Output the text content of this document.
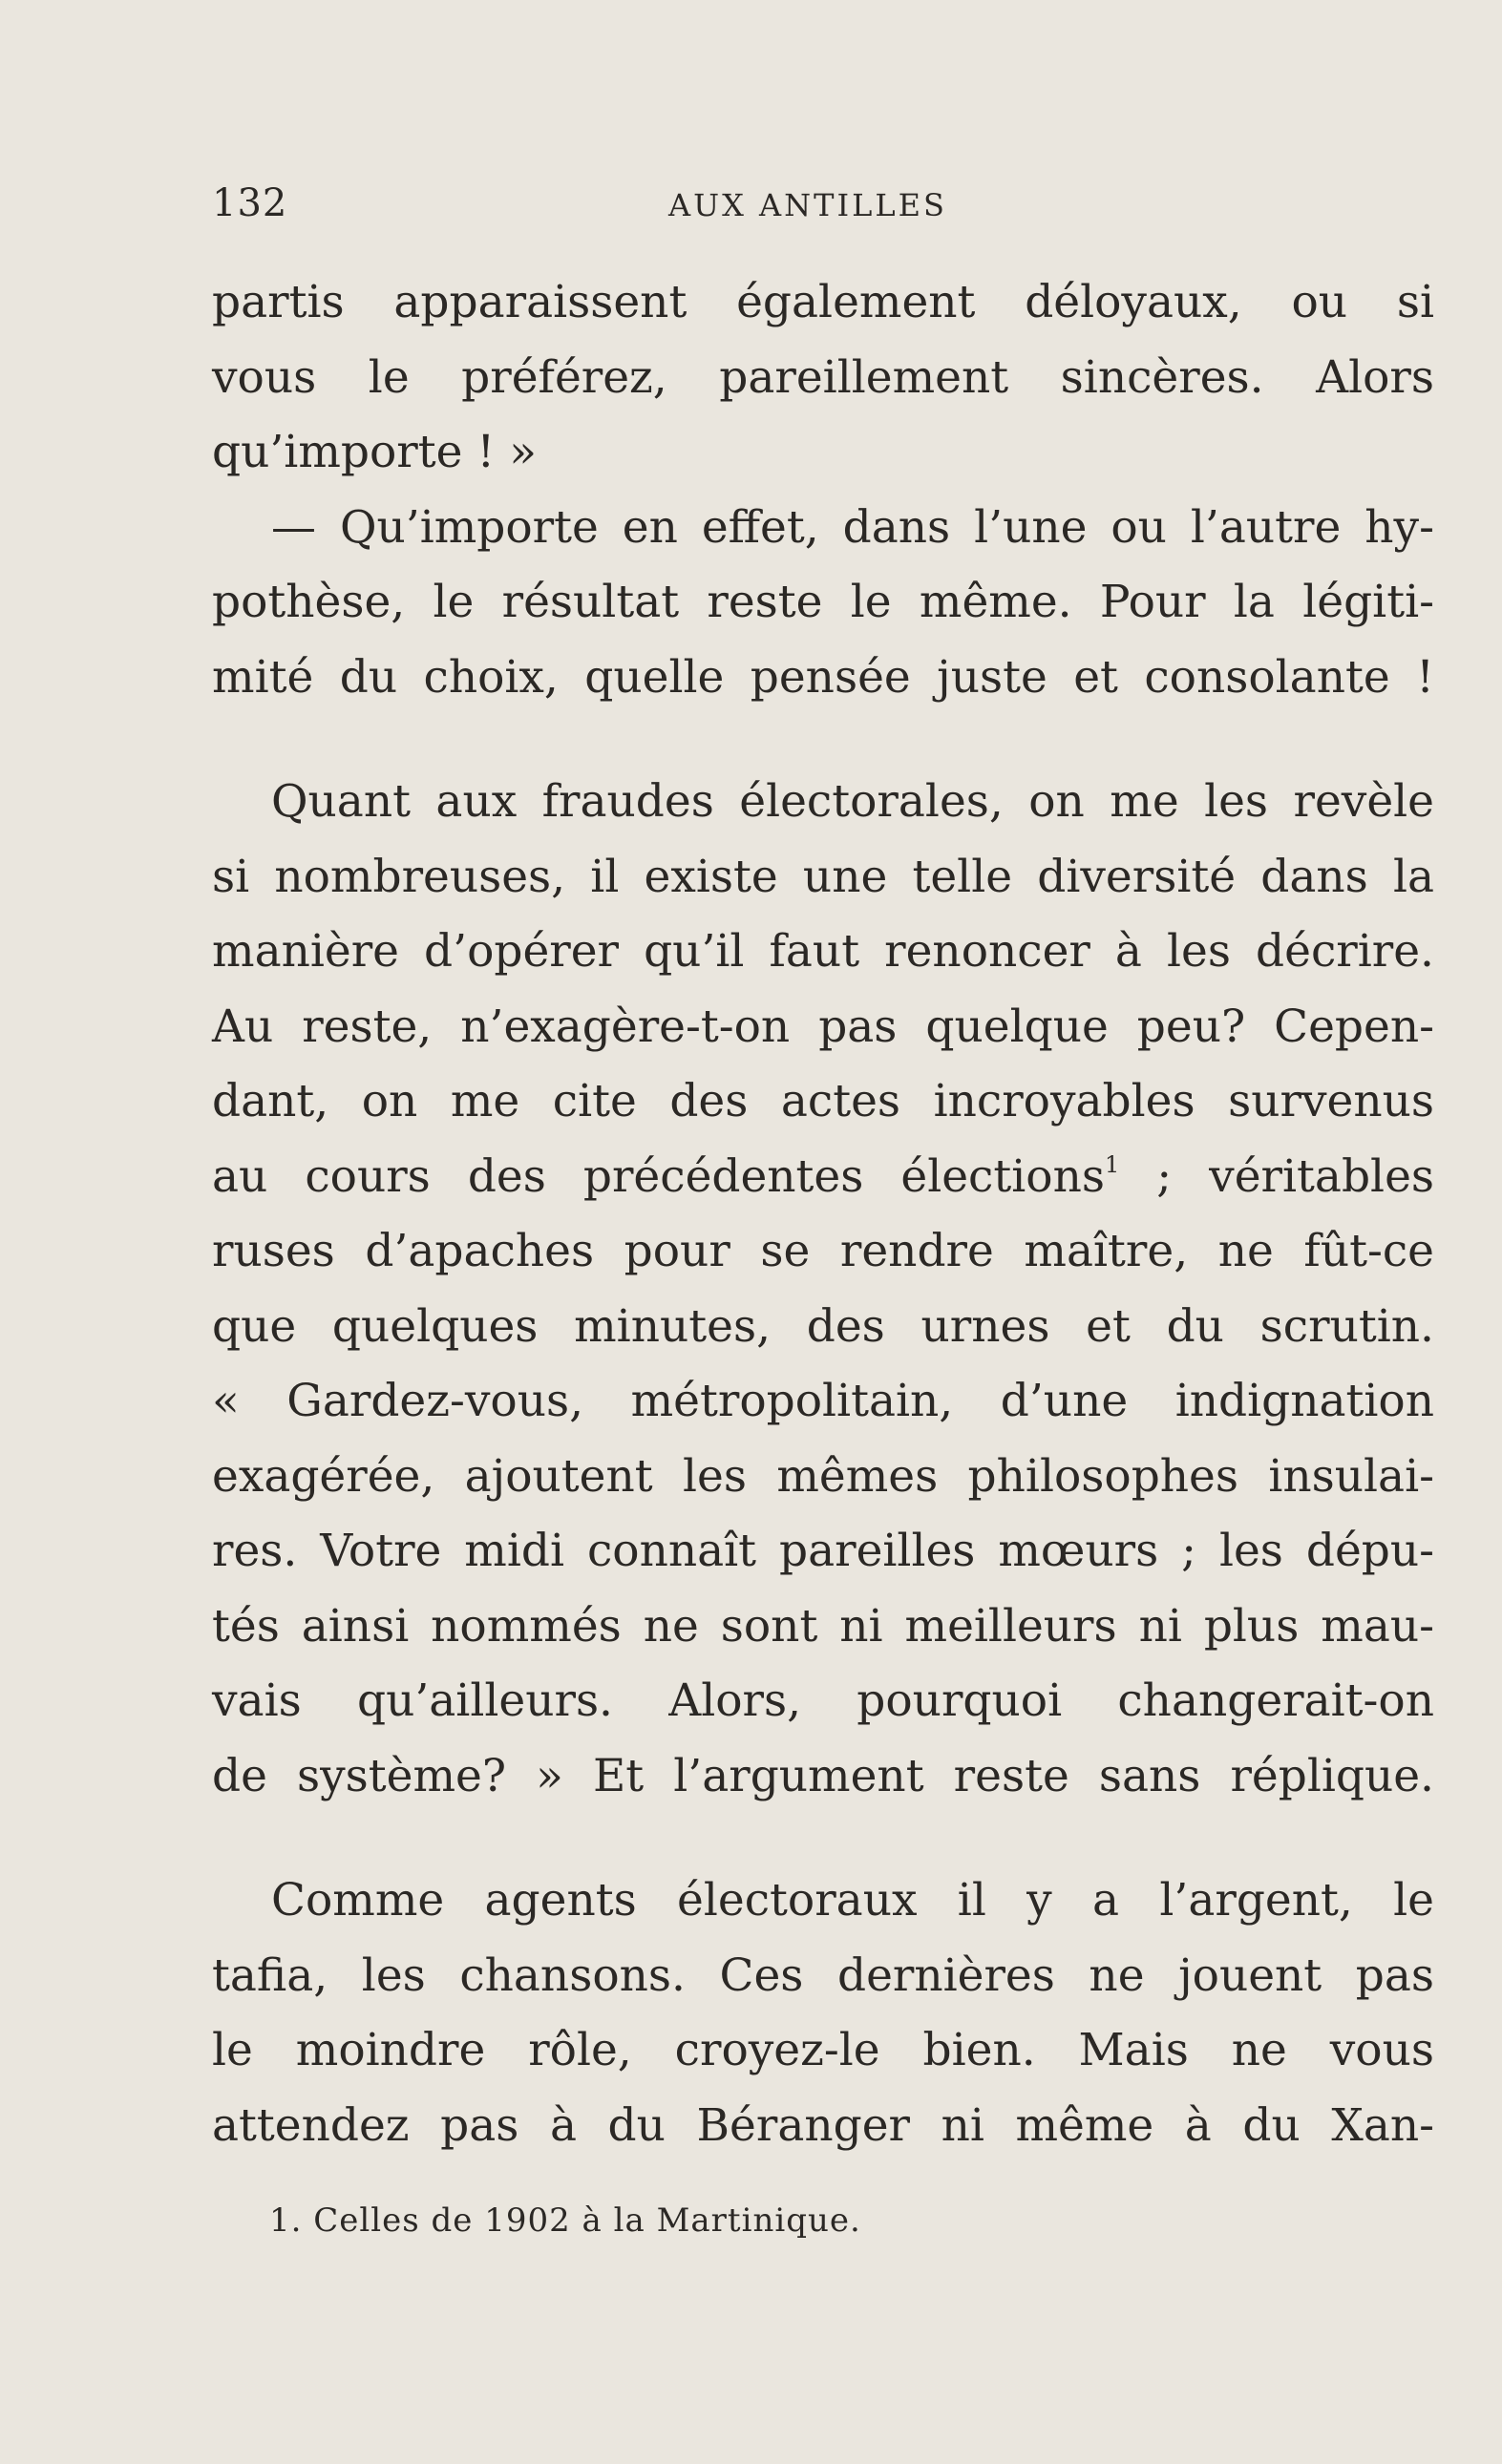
132	AUX ANTILLES
partis apparaissent également déloyaux, ou si
vous le préférez, pareillement sincères. Alors
qu’importe ! »
— Qu’importe en effet, dans l’une ou l’autre hy-
pothèse, le résultat reste le même. Pour la légiti-
mité du choix, quelle pensée juste et consolante !
Quant aux fraudes électorales, on me les revèle
si nombreuses, il existe une telle diversité dans la
manière d’opérer qu’il faut renoncer à les décrire.
Au reste, n’exagère-t-on pas quelque peu? Cepen-
dant, on me cite des actes incroyables survenus
au cours des précédentes élections$^1$ ; véritables
ruses d’apaches pour se rendre maître, ne fût-ce
que quelques minutes, des urnes et du scrutin.
« Gardez-vous, métropolitain, d’une indignation
exagérée, ajoutent les mêmes philosophes insulai-
res. Votre midi connaît pareilles mœurs ; les dépu-
tés ainsi nommés ne sont ni meilleurs ni plus mau-
vais qu’ailleurs. Alors, pourquoi changerait-on
de système? » Et l’argument reste sans réplique.
Comme agents électoraux il y a l’argent, le
tafia, les chansons. Ces dernières ne jouent pas
le moindre rôle, croyez-le bien. Mais ne vous
attendez pas à du Béranger ni même à du Xan-
1. Celles de 1902 à la Martinique.
